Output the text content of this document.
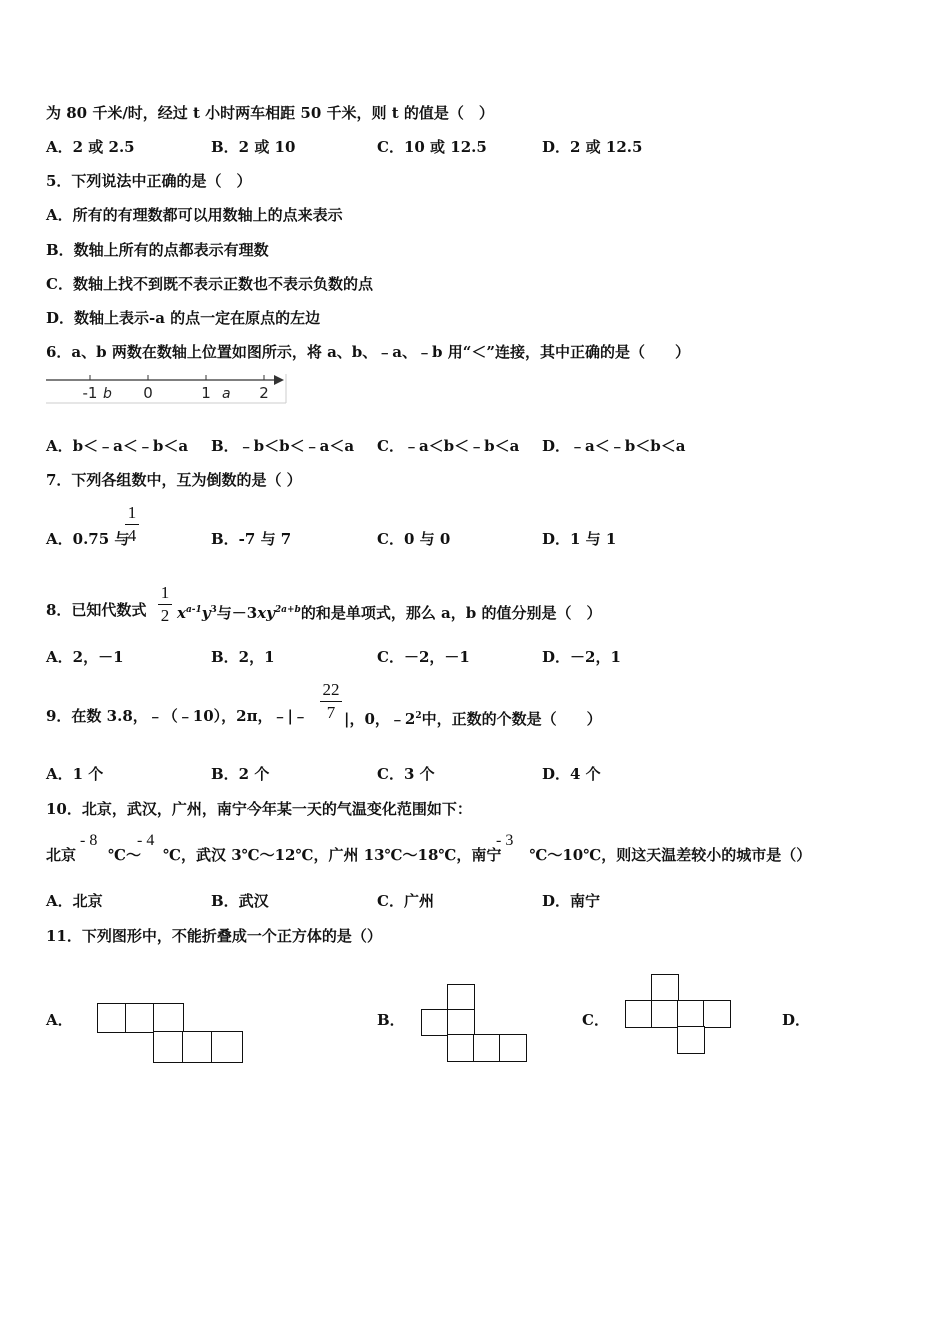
为 80 千米/时，经过 t 小时两车相距 50 千米，则 t 的值是（　）
A．2 或 2.5	B．2 或 10	C．10 或 12.5	D．2 或 12.5
5．下列说法中正确的是（　）
A．所有的有理数都可以用数轴上的点来表示
B．数轴上所有的点都表示有理数
C．数轴上找不到既不表示正数也不表示负数的点
D．数轴上表示-a 的点一定在原点的左边
6．a、b 两数在数轴上位置如图所示，将 a、b、﹣a、﹣b 用“＜”连接，其中正确的是（　　）
-1 b 0	1 a 2
A．b＜﹣a＜﹣b＜a B．﹣b＜b＜﹣a＜a C．﹣a＜b＜﹣b＜a D．﹣a＜﹣b＜b＜a
7．下列各组数中，互为倒数的是（ ）
A．0.75 与
1
4	B．-7 与 7	C．0 与 0	D．1 与 1
8．已知代数式
1
2 $x^{a-1}y^3$与$-3xy^{2a+b}$的和是单项式，那么 a，b 的值分别是（　）
A．2，－1	B．2，1	C．－2，－1	D．－2，1
9．在数 3.8，﹣（﹣10），2π，﹣|﹣
22
7 |，0，$﹣2^2$中，正数的个数是（　　）
A．1 个	B．2 个	C．3 个	D．4 个
10．北京，武汉，广州，南宁今年某一天的气温变化范围如下：
北京 ℃～ ℃，武汉 3℃～12℃，广州 13℃～18℃，南宁 ℃～10℃，则这天温差较小的城市是（）
- 8 - 4	- 3
A．北京	B．武汉	C．广州	D．南宁
11．下列图形中，不能折叠成一个正方体的是（）
A．	B．	C．	D．
